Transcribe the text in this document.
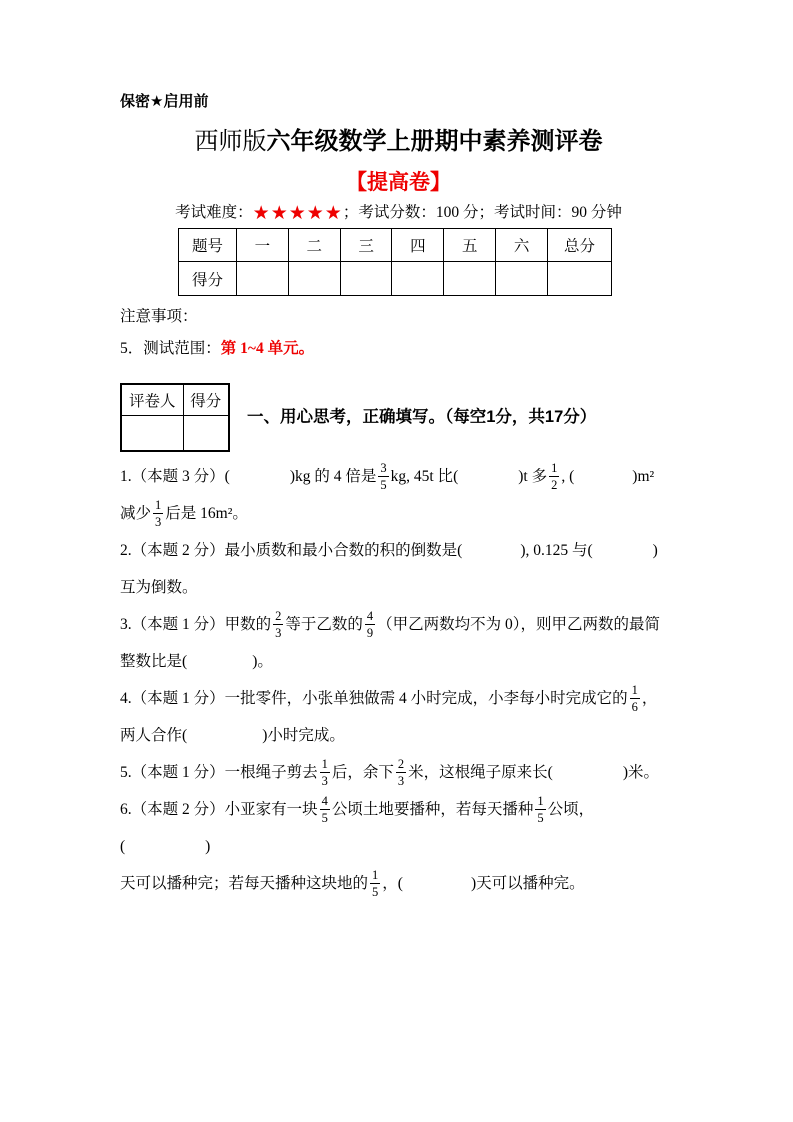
保密★启用前
西师版六年级数学上册期中素养测评卷
【提高卷】
考试难度：★★★★★；考试分数：100 分；考试时间：90 分钟
题号	一	二	三	四	五	六	总分
得分							

注意事项：

5．测试范围：第 1~4 单元。

评卷人	得分

一、用心思考，正确填写。（每空1分，共17分）

1.（本题 3 分）(	)kg 的 4 倍是 $\frac{3}{5}$ kg, 45t 比(	)t 多 $\frac{1}{2}$ , (	)m²
减少 $\frac{1}{3}$ 后是 16m²。

2.（本题 2 分）最小质数和最小合数的积的倒数是(	), 0.125 与(	)
互为倒数。

3.（本题 1 分）甲数的 $\frac{2}{3}$ 等于乙数的 $\frac{4}{9}$ （甲乙两数均不为 0），则甲乙两数的最简
整数比是(	)。

4.（本题 1 分）一批零件，小张单独做需 4 小时完成，小李每小时完成它的 $\frac{1}{6}$ ，
两人合作(	)小时完成。

5.（本题 1 分）一根绳子剪去 $\frac{1}{3}$ 后，余下 $\frac{2}{3}$ 米，这根绳子原来长(	)米。

6.（本题 2 分）小亚家有一块 $\frac{4}{5}$ 公顷土地要播种，若每天播种 $\frac{1}{5}$ 公顷，(	)
天可以播种完；若每天播种这块地的 $\frac{1}{5}$ ，(	)天可以播种完。
